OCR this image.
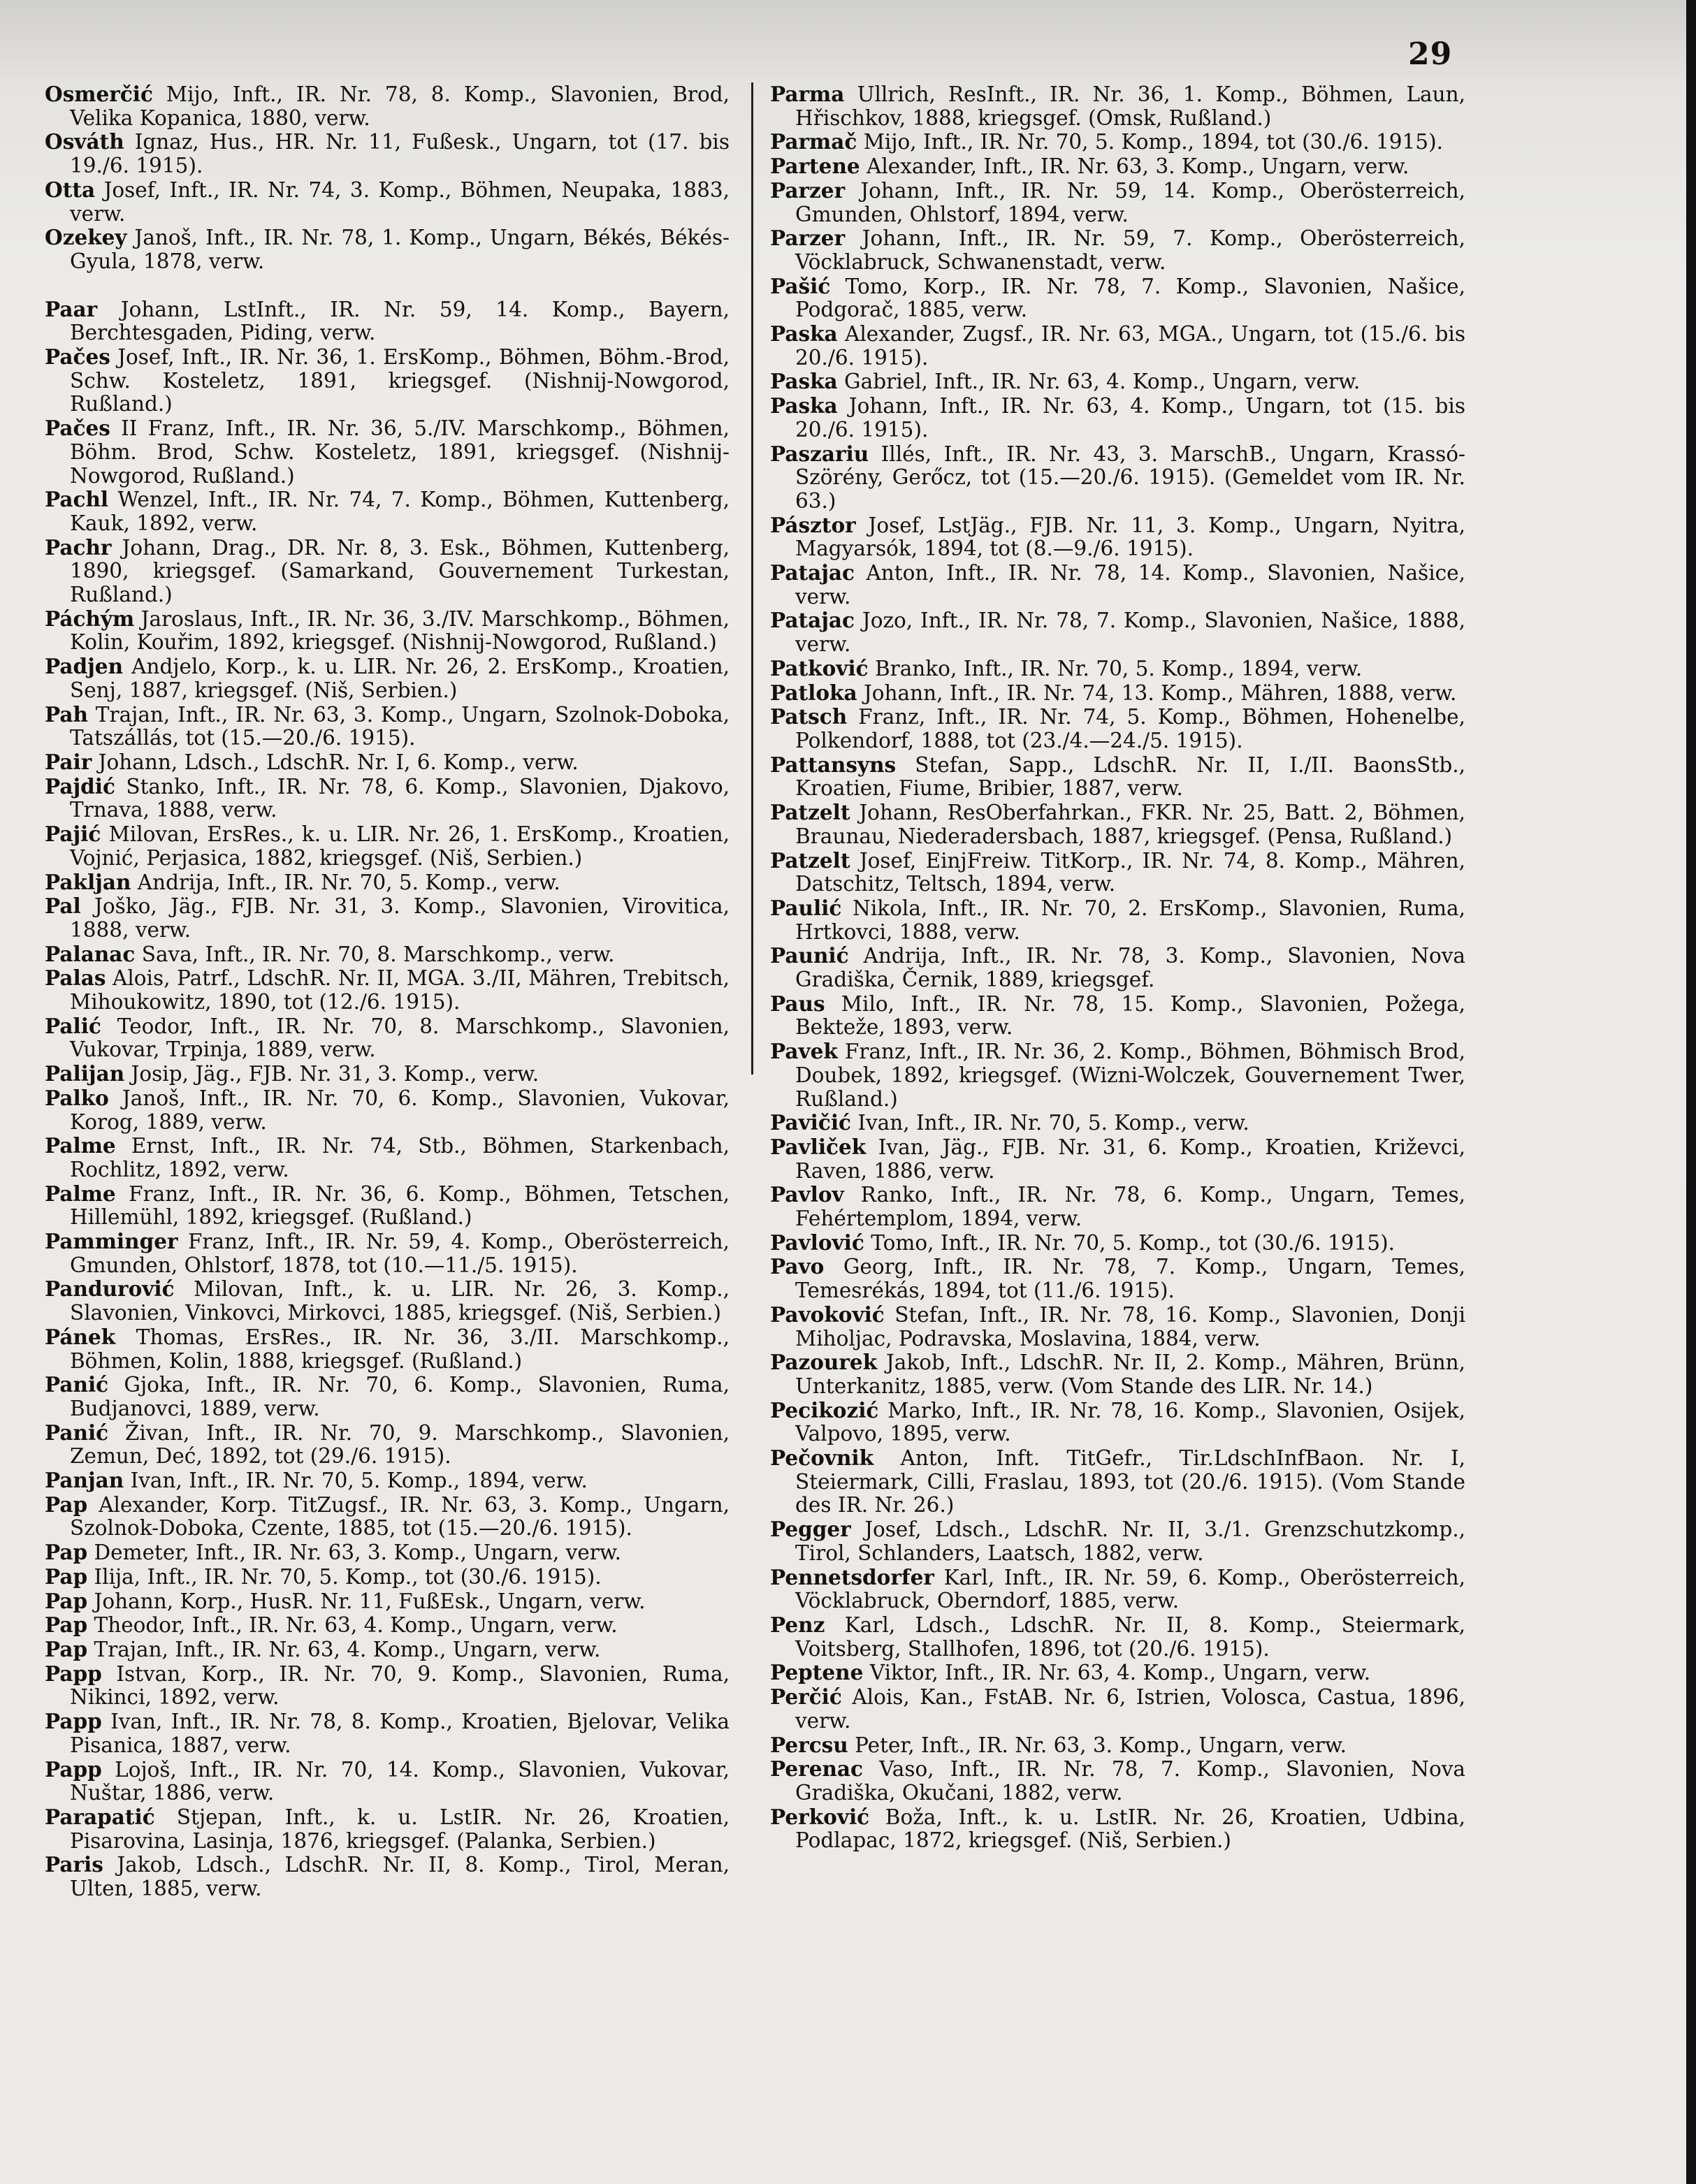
29

Osmerčić Mijo, Inft., IR. Nr. 78, 8. Komp., Slavonien, Brod, Velika Kopanica, 1880, verw.

Osváth Ignaz, Hus., HR. Nr. 11, Fußesk., Ungarn, tot (17. bis 19./6. 1915).

Otta Josef, Inft., IR. Nr. 74, 3. Komp., Böhmen, Neupaka, 1883, verw.

Ozekey Janoš, Inft., IR. Nr. 78, 1. Komp., Ungarn, Békés, Békés-Gyula, 1878, verw.

Paar Johann, LstInft., IR. Nr. 59, 14. Komp., Bayern, Berchtesgaden, Piding, verw.

Pačes Josef, Inft., IR. Nr. 36, 1. ErsKomp., Böhmen, Böhm.-Brod, Schw. Kosteletz, 1891, kriegsgef. (Nishnij-Nowgorod, Rußland.)

Pačes II Franz, Inft., IR. Nr. 36, 5./IV. Marschkomp., Böhmen, Böhm. Brod, Schw. Kosteletz, 1891, kriegsgef. (Nishnij-Nowgorod, Rußland.)

Pachl Wenzel, Inft., IR. Nr. 74, 7. Komp., Böhmen, Kuttenberg, Kauk, 1892, verw.

Pachr Johann, Drag., DR. Nr. 8, 3. Esk., Böhmen, Kuttenberg, 1890, kriegsgef. (Samarkand, Gouvernement Turkestan, Rußland.)

Páchým Jaroslaus, Inft., IR. Nr. 36, 3./IV. Marschkomp., Böhmen, Kolin, Kouřim, 1892, kriegsgef. (Nishnij-Nowgorod, Rußland.)

Padjen Andjelo, Korp., k. u. LIR. Nr. 26, 2. ErsKomp., Kroatien, Senj, 1887, kriegsgef. (Niš, Serbien.)

Pah Trajan, Inft., IR. Nr. 63, 3. Komp., Ungarn, Szolnok-Doboka, Tatszállás, tot (15.—20./6. 1915).

Pair Johann, Ldsch., LdschR. Nr. I, 6. Komp., verw.

Pajdić Stanko, Inft., IR. Nr. 78, 6. Komp., Slavonien, Djakovo, Trnava, 1888, verw.

Pajić Milovan, ErsRes., k. u. LIR. Nr. 26, 1. ErsKomp., Kroatien, Vojnić, Perjasica, 1882, kriegsgef. (Niš, Serbien.)

Pakljan Andrija, Inft., IR. Nr. 70, 5. Komp., verw.

Pal Joško, Jäg., FJB. Nr. 31, 3. Komp., Slavonien, Virovitica, 1888, verw.

Palanac Sava, Inft., IR. Nr. 70, 8. Marschkomp., verw.

Palas Alois, Patrf., LdschR. Nr. II, MGA. 3./II, Mähren, Trebitsch, Mihoukowitz, 1890, tot (12./6. 1915).

Palić Teodor, Inft., IR. Nr. 70, 8. Marschkomp., Slavonien, Vukovar, Trpinja, 1889, verw.

Palijan Josip, Jäg., FJB. Nr. 31, 3. Komp., verw.

Palko Janoš, Inft., IR. Nr. 70, 6. Komp., Slavonien, Vukovar, Korog, 1889, verw.

Palme Ernst, Inft., IR. Nr. 74, Stb., Böhmen, Starkenbach, Rochlitz, 1892, verw.

Palme Franz, Inft., IR. Nr. 36, 6. Komp., Böhmen, Tetschen, Hillemühl, 1892, kriegsgef. (Rußland.)

Pamminger Franz, Inft., IR. Nr. 59, 4. Komp., Oberösterreich, Gmunden, Ohlstorf, 1878, tot (10.—11./5. 1915).

Pandurović Milovan, Inft., k. u. LIR. Nr. 26, 3. Komp., Slavonien, Vinkovci, Mirkovci, 1885, kriegsgef. (Niš, Serbien.)

Pánek Thomas, ErsRes., IR. Nr. 36, 3./II. Marschkomp., Böhmen, Kolin, 1888, kriegsgef. (Rußland.)

Panić Gjoka, Inft., IR. Nr. 70, 6. Komp., Slavonien, Ruma, Budjanovci, 1889, verw.

Panić Živan, Inft., IR. Nr. 70, 9. Marschkomp., Slavonien, Zemun, Deć, 1892, tot (29./6. 1915).

Panjan Ivan, Inft., IR. Nr. 70, 5. Komp., 1894, verw.

Pap Alexander, Korp. TitZugsf., IR. Nr. 63, 3. Komp., Ungarn, Szolnok-Doboka, Czente, 1885, tot (15.—20./6. 1915).

Pap Demeter, Inft., IR. Nr. 63, 3. Komp., Ungarn, verw.

Pap Ilija, Inft., IR. Nr. 70, 5. Komp., tot (30./6. 1915).

Pap Johann, Korp., HusR. Nr. 11, FußEsk., Ungarn, verw.

Pap Theodor, Inft., IR. Nr. 63, 4. Komp., Ungarn, verw.

Pap Trajan, Inft., IR. Nr. 63, 4. Komp., Ungarn, verw.

Papp Istvan, Korp., IR. Nr. 70, 9. Komp., Slavonien, Ruma, Nikinci, 1892, verw.

Papp Ivan, Inft., IR. Nr. 78, 8. Komp., Kroatien, Bjelovar, Velika Pisanica, 1887, verw.

Papp Lojoš, Inft., IR. Nr. 70, 14. Komp., Slavonien, Vukovar, Nuštar, 1886, verw.

Parapatić Stjepan, Inft., k. u. LstIR. Nr. 26, Kroatien, Pisarovina, Lasinja, 1876, kriegsgef. (Palanka, Serbien.)

Paris Jakob, Ldsch., LdschR. Nr. II, 8. Komp., Tirol, Meran, Ulten, 1885, verw.

Parma Ullrich, ResInft., IR. Nr. 36, 1. Komp., Böhmen, Laun, Hřischkov, 1888, kriegsgef. (Omsk, Rußland.)

Parmač Mijo, Inft., IR. Nr. 70, 5. Komp., 1894, tot (30./6. 1915).

Partene Alexander, Inft., IR. Nr. 63, 3. Komp., Ungarn, verw.

Parzer Johann, Inft., IR. Nr. 59, 14. Komp., Oberösterreich, Gmunden, Ohlstorf, 1894, verw.

Parzer Johann, Inft., IR. Nr. 59, 7. Komp., Oberösterreich, Vöcklabruck, Schwanenstadt, verw.

Pašić Tomo, Korp., IR. Nr. 78, 7. Komp., Slavonien, Našice, Podgorač, 1885, verw.

Paska Alexander, Zugsf., IR. Nr. 63, MGA., Ungarn, tot (15./6. bis 20./6. 1915).

Paska Gabriel, Inft., IR. Nr. 63, 4. Komp., Ungarn, verw.

Paska Johann, Inft., IR. Nr. 63, 4. Komp., Ungarn, tot (15. bis 20./6. 1915).

Paszariu Illés, Inft., IR. Nr. 43, 3. MarschB., Ungarn, Krassó-Szörény, Gerőcz, tot (15.—20./6. 1915). (Gemeldet vom IR. Nr. 63.)

Pásztor Josef, LstJäg., FJB. Nr. 11, 3. Komp., Ungarn, Nyitra, Magyarsók, 1894, tot (8.—9./6. 1915).

Patajac Anton, Inft., IR. Nr. 78, 14. Komp., Slavonien, Našice, verw.

Patajac Jozo, Inft., IR. Nr. 78, 7. Komp., Slavonien, Našice, 1888, verw.

Patković Branko, Inft., IR. Nr. 70, 5. Komp., 1894, verw.

Patloka Johann, Inft., IR. Nr. 74, 13. Komp., Mähren, 1888, verw.

Patsch Franz, Inft., IR. Nr. 74, 5. Komp., Böhmen, Hohenelbe, Polkendorf, 1888, tot (23./4.—24./5. 1915).

Pattansyns Stefan, Sapp., LdschR. Nr. II, I./II. BaonsStb., Kroatien, Fiume, Bribier, 1887, verw.

Patzelt Johann, ResOberfahrkan., FKR. Nr. 25, Batt. 2, Böhmen, Braunau, Niederadersbach, 1887, kriegsgef. (Pensa, Rußland.)

Patzelt Josef, EinjFreiw. TitKorp., IR. Nr. 74, 8. Komp., Mähren, Datschitz, Teltsch, 1894, verw.

Paulić Nikola, Inft., IR. Nr. 70, 2. ErsKomp., Slavonien, Ruma, Hrtkovci, 1888, verw.

Paunić Andrija, Inft., IR. Nr. 78, 3. Komp., Slavonien, Nova Gradiška, Černik, 1889, kriegsgef.

Paus Milo, Inft., IR. Nr. 78, 15. Komp., Slavonien, Požega, Bekteže, 1893, verw.

Pavek Franz, Inft., IR. Nr. 36, 2. Komp., Böhmen, Böhmisch Brod, Doubek, 1892, kriegsgef. (Wizni-Wolczek, Gouvernement Twer, Rußland.)

Pavičić Ivan, Inft., IR. Nr. 70, 5. Komp., verw.

Pavliček Ivan, Jäg., FJB. Nr. 31, 6. Komp., Kroatien, Križevci, Raven, 1886, verw.

Pavlov Ranko, Inft., IR. Nr. 78, 6. Komp., Ungarn, Temes, Fehértemplom, 1894, verw.

Pavlović Tomo, Inft., IR. Nr. 70, 5. Komp., tot (30./6. 1915).

Pavo Georg, Inft., IR. Nr. 78, 7. Komp., Ungarn, Temes, Temesrékás, 1894, tot (11./6. 1915).

Pavoković Stefan, Inft., IR. Nr. 78, 16. Komp., Slavonien, Donji Miholjac, Podravska, Moslavina, 1884, verw.

Pazourek Jakob, Inft., LdschR. Nr. II, 2. Komp., Mähren, Brünn, Unterkanitz, 1885, verw. (Vom Stande des LIR. Nr. 14.)

Pecikozić Marko, Inft., IR. Nr. 78, 16. Komp., Slavonien, Osijek, Valpovo, 1895, verw.

Pečovnik Anton, Inft. TitGefr., Tir.LdschInfBaon. Nr. I, Steiermark, Cilli, Fraslau, 1893, tot (20./6. 1915). (Vom Stande des IR. Nr. 26.)

Pegger Josef, Ldsch., LdschR. Nr. II, 3./1. Grenzschutzkomp., Tirol, Schlanders, Laatsch, 1882, verw.

Pennetsdorfer Karl, Inft., IR. Nr. 59, 6. Komp., Oberösterreich, Vöcklabruck, Oberndorf, 1885, verw.

Penz Karl, Ldsch., LdschR. Nr. II, 8. Komp., Steiermark, Voitsberg, Stallhofen, 1896, tot (20./6. 1915).

Peptene Viktor, Inft., IR. Nr. 63, 4. Komp., Ungarn, verw.

Perčić Alois, Kan., FstAB. Nr. 6, Istrien, Volosca, Castua, 1896, verw.

Percsu Peter, Inft., IR. Nr. 63, 3. Komp., Ungarn, verw.

Perenac Vaso, Inft., IR. Nr. 78, 7. Komp., Slavonien, Nova Gradiška, Okučani, 1882, verw.

Perković Boža, Inft., k. u. LstIR. Nr. 26, Kroatien, Udbina, Podlapac, 1872, kriegsgef. (Niš, Serbien.)
